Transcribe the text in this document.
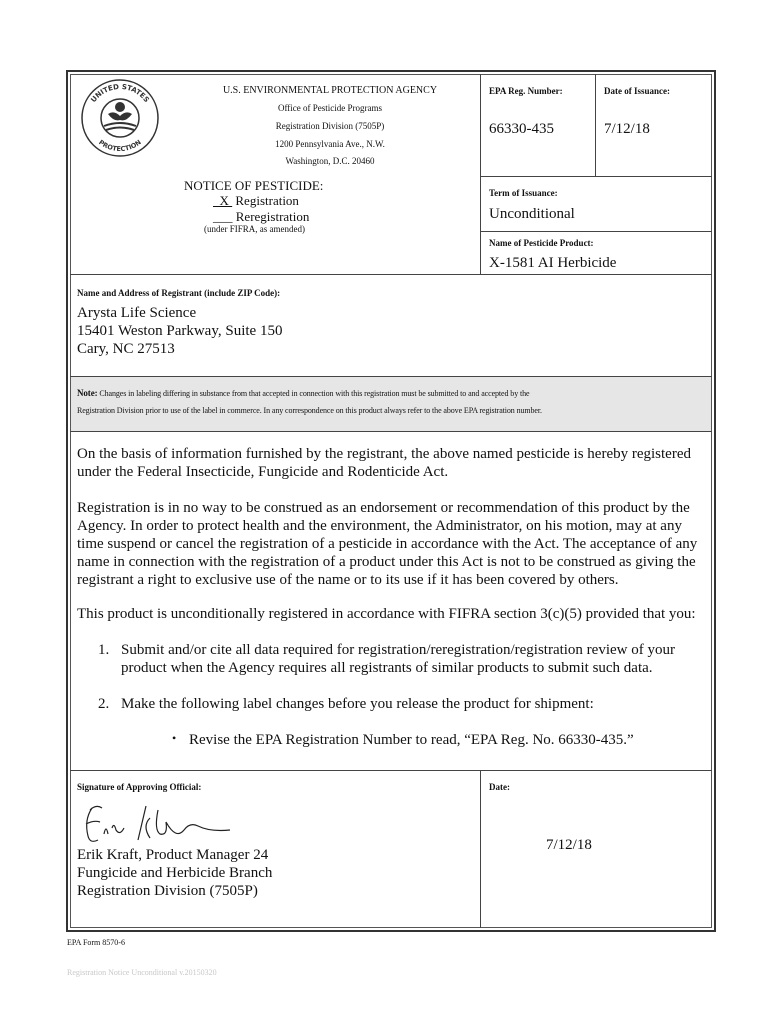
UNITED STATES
PROTECTION
U.S. ENVIRONMENTAL PROTECTION AGENCY
Office of Pesticide Programs
Registration Division (7505P)
1200 Pennsylvania Ave., N.W.
Washington, D.C. 20460
NOTICE OF PESTICIDE:
X  Registration
___ Reregistration
(under FIFRA, as amended)
EPA Reg. Number:
66330-435
Date of Issuance:
7/12/18
Term of Issuance:
Unconditional
Name of Pesticide Product:
X-1581 AI Herbicide
Name and Address of Registrant (include ZIP Code):
Arysta Life Science
15401 Weston Parkway, Suite 150
Cary, NC 27513
Note: Changes in labeling differing in substance from that accepted in connection with this registration must be submitted to and accepted by the
Registration Division prior to use of the label in commerce. In any correspondence on this product always refer to the above EPA registration number.
On the basis of information furnished by the registrant, the above named pesticide is hereby registered under the Federal Insecticide, Fungicide and Rodenticide Act.
Registration is in no way to be construed as an endorsement or recommendation of this product by the Agency. In order to protect health and the environment, the Administrator, on his motion, may at any time suspend or cancel the registration of a pesticide in accordance with the Act. The acceptance of any name in connection with the registration of a product under this Act is not to be construed as giving the registrant a right to exclusive use of the name or to its use if it has been covered by others.
This product is unconditionally registered in accordance with FIFRA section 3(c)(5) provided that you:
1. Submit and/or cite all data required for registration/reregistration/registration review of your product when the Agency requires all registrants of similar products to submit such data.
2. Make the following label changes before you release the product for shipment:
• Revise the EPA Registration Number to read, “EPA Reg. No. 66330-435.”
Signature of Approving Official:	Date:
Erik Kraft, Product Manager 24
Fungicide and Herbicide Branch
Registration Division (7505P)
7/12/18
EPA Form 8570-6
Registration Notice Unconditional v.20150320
